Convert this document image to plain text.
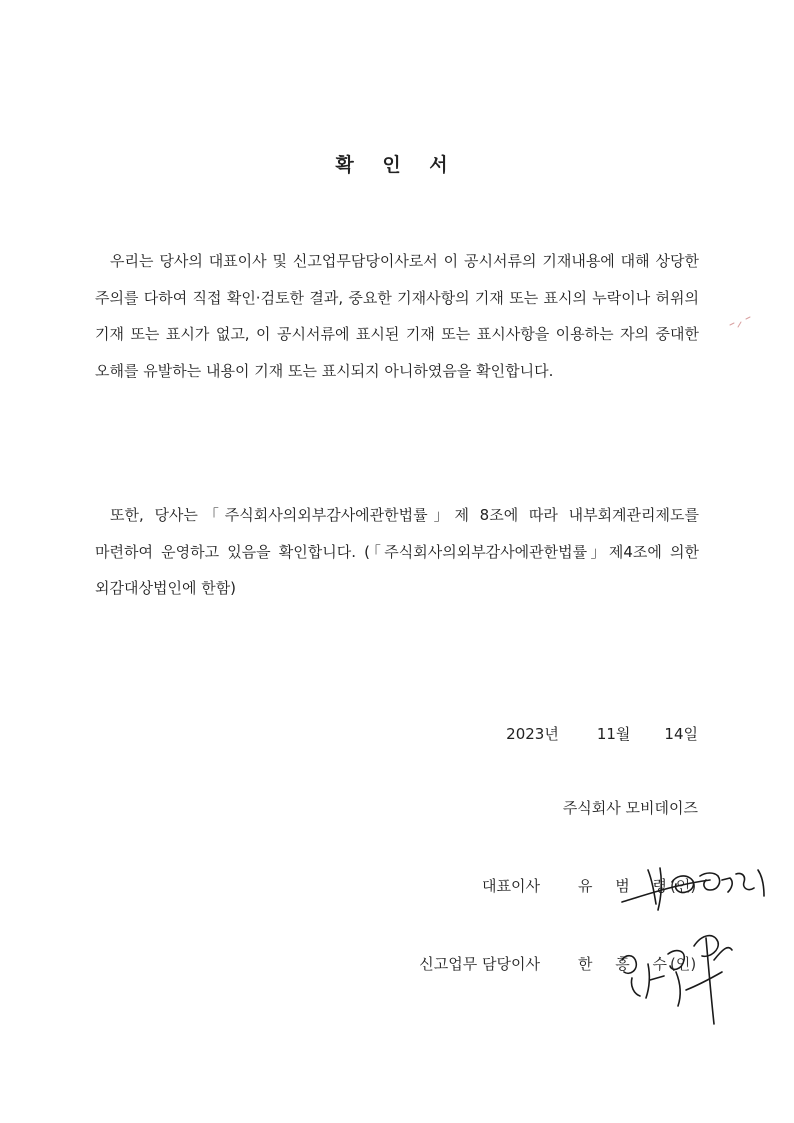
확 인 서

우리는 당사의 대표이사 및 신고업무담당이사로서 이 공시서류의 기재내용에 대해 상당한 주의를 다하여 직접 확인·검토한 결과, 중요한 기재사항의 기재 또는 표시의 누락이나 허위의 기재 또는 표시가 없고, 이 공시서류에 표시된 기재 또는 표시사항을 이용하는 자의 중대한 오해를 유발하는 내용이 기재 또는 표시되지 아니하였음을 확인합니다.

또한, 당사는「주식회사의외부감사에관한법률」제 8조에 따라 내부회계관리제도를 마련하여 운영하고 있음을 확인합니다. (「주식회사의외부감사에관한법률」제4조에 의한 외감대상법인에 한함)

2023년	11월 14일
주식회사 모비데이즈
대표이사	유 범 령
(인)
신고업무 담당이사	한 흥 수
(인)
